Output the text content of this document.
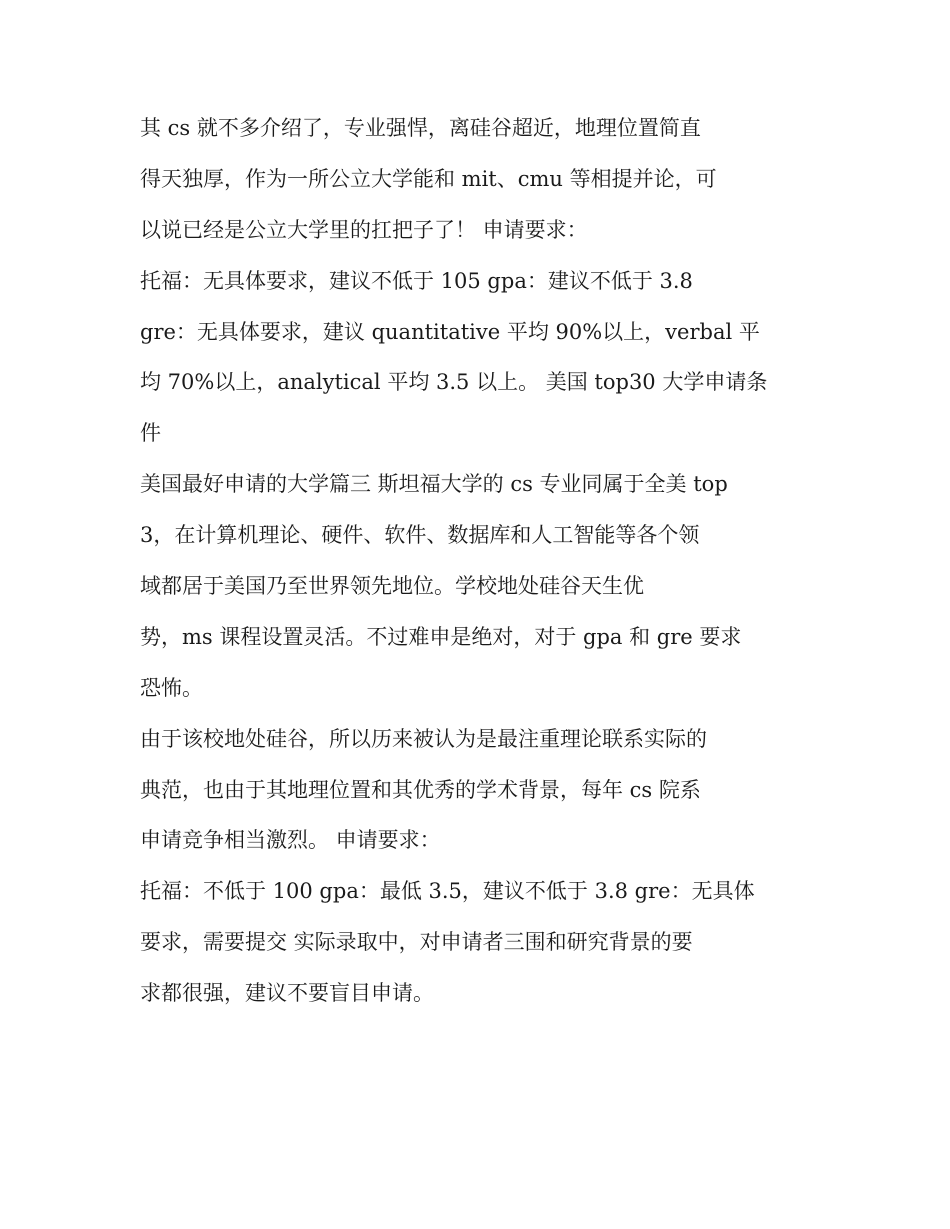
其 cs 就不多介绍了，专业强悍，离硅谷超近，地理位置简直
得天独厚，作为一所公立大学能和 mit、cmu 等相提并论，可
以说已经是公立大学里的扛把子了！ 申请要求：
托福：无具体要求，建议不低于 105 gpa：建议不低于 3.8
gre：无具体要求，建议 quantitative 平均 90%以上，verbal 平
均 70%以上，analytical 平均 3.5 以上。 美国 top30 大学申请条
件
美国最好申请的大学篇三 斯坦福大学的 cs 专业同属于全美 top
3，在计算机理论、硬件、软件、数据库和人工智能等各个领
域都居于美国乃至世界领先地位。学校地处硅谷天生优
势，ms 课程设置灵活。不过难申是绝对，对于 gpa 和 gre 要求
恐怖。
由于该校地处硅谷，所以历来被认为是最注重理论联系实际的
典范，也由于其地理位置和其优秀的学术背景，每年 cs 院系
申请竞争相当激烈。 申请要求：
托福：不低于 100 gpa：最低 3.5，建议不低于 3.8 gre：无具体
要求，需要提交 实际录取中，对申请者三围和研究背景的要
求都很强，建议不要盲目申请。
